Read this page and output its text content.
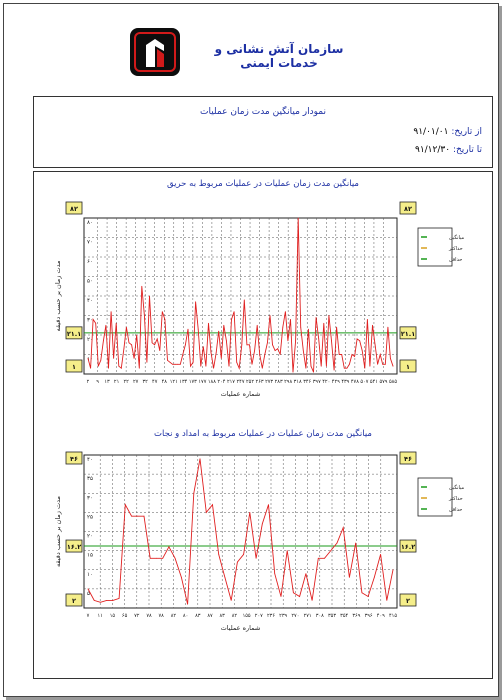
سازمان آتش نشانی و خدمات ایمنی
نمودار میانگین مدت زمان عملیات
از تاریخ: ۹۱/۰۱/۰۱
تا تاریخ: ۹۱/۱۲/۳۰
میانگین مدت زمان عملیات در عملیات مربوط به حریق
۱۰
۲۰
۳۰
۴۰
۵۰
۶۰
۷۰
۸۰
۲ ۹ ۱۳ ۲۱ ۲۲ ۲۷ ۳۲ ۴۷ ۴۸ ۱۲۱ ۱۳۴ ۱۷۳ ۱۷۷ ۱۸۸ ۲۰۴ ۲۱۷ ۲۴۷ ۲۵۲ ۲۶۳ ۲۷۳ ۲۸۳ ۲۹۸ ۳۱۸ ۳۴۶ ۳۹۷ ۴۲۰ ۴۲۹ ۴۳۹ ۴۷۸ ۵۰۷ ۵۴۱ ۵۷۹ ۵۸۵
۸۲	۸۲
۲۱.۱	۲۱.۱
۱	۱
میانگین
حداکثر
حداقل
مدت زمان بر حسب دقیقه
شماره عملیات
میانگین مدت زمان عملیات در عملیات مربوط به امداد و نجات
۵
۱۰
۱۵
۲۰
۲۵
۳۰
۳۵
۴۰
۷ ۱۱ ۱۵ ۶۵ ۷۲ ۷۸ ۷۸ ۸۲ ۸۰ ۸۳ ۸۷ ۸۳ ۸۲ ۱۵۵ ۲۰۷ ۲۳۶ ۲۳۹ ۲۷۰ ۲۷۱ ۳۰۸ ۳۵۳ ۳۵۴ ۳۶۹ ۳۹۶ ۴۰۹ ۴۱۵
۴۶	۴۶
۱۶.۲	۱۶.۲
۲	۲
میانگین
حداکثر
حداقل
مدت زمان بر حسب دقیقه
شماره عملیات
